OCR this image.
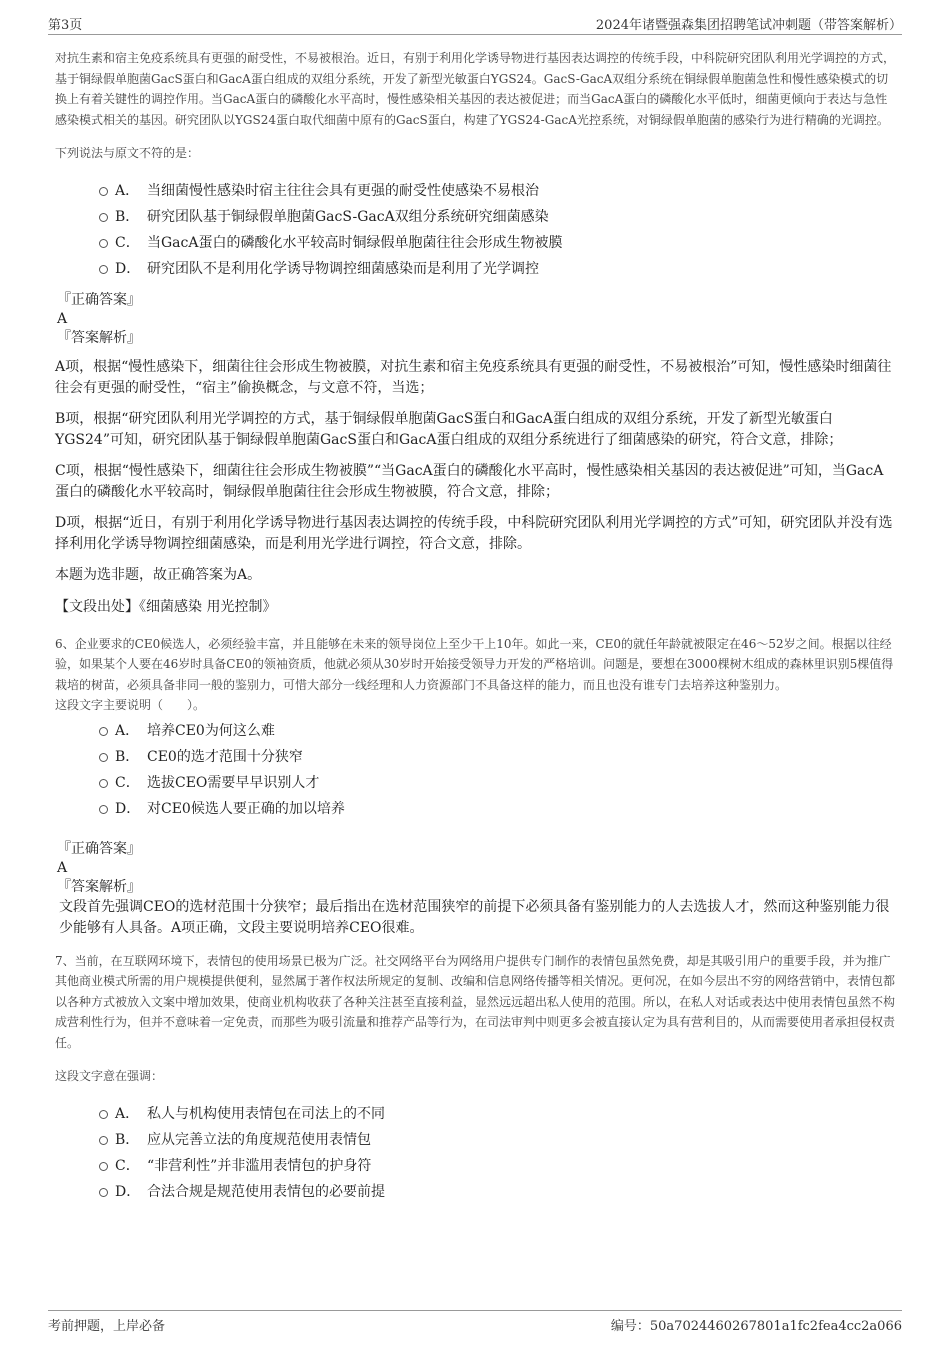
第3页	2024年诸暨强森集团招聘笔试冲刺题（带答案解析）

对抗生素和宿主免疫系统具有更强的耐受性，不易被根治。近日，有别于利用化学诱导物进行基因表达调控的传统手段，中科院研究团队利用光学调控的方式，基于铜绿假单胞菌GacS蛋白和GacA蛋白组成的双组分系统，开发了新型光敏蛋白YGS24。GacS-GacA双组分系统在铜绿假单胞菌急性和慢性感染模式的切换上有着关键性的调控作用。当GacA蛋白的磷酸化水平高时，慢性感染相关基因的表达被促进；而当GacA蛋白的磷酸化水平低时，细菌更倾向于表达与急性感染模式相关的基因。研究团队以YGS24蛋白取代细菌中原有的GacS蛋白，构建了YGS24-GacA光控系统，对铜绿假单胞菌的感染行为进行精确的光调控。

下列说法与原文不符的是：

A． 当细菌慢性感染时宿主往往会具有更强的耐受性使感染不易根治
B． 研究团队基于铜绿假单胞菌GacS-GacA双组分系统研究细菌感染
C． 当GacA蛋白的磷酸化水平较高时铜绿假单胞菌往往会形成生物被膜
D． 研究团队不是利用化学诱导物调控细菌感染而是利用了光学调控

『正确答案』

A

『答案解析』

A项，根据“慢性感染下，细菌往往会形成生物被膜，对抗生素和宿主免疫系统具有更强的耐受性，不易被根治”可知，慢性感染时细菌往往会有更强的耐受性，“宿主”偷换概念，与文意不符，当选；

B项，根据“研究团队利用光学调控的方式，基于铜绿假单胞菌GacS蛋白和GacA蛋白组成的双组分系统，开发了新型光敏蛋白YGS24”可知，研究团队基于铜绿假单胞菌GacS蛋白和GacA蛋白组成的双组分系统进行了细菌感染的研究，符合文意，排除；

C项，根据“慢性感染下，细菌往往会形成生物被膜”“当GacA蛋白的磷酸化水平高时，慢性感染相关基因的表达被促进”可知，当GacA蛋白的磷酸化水平较高时，铜绿假单胞菌往往会形成生物被膜，符合文意，排除；

D项，根据“近日，有别于利用化学诱导物进行基因表达调控的传统手段，中科院研究团队利用光学调控的方式”可知，研究团队并没有选择利用化学诱导物调控细菌感染，而是利用光学进行调控，符合文意，排除。

本题为选非题，故正确答案为A。

【文段出处】《细菌感染 用光控制》

6、企业要求的CE0候选人，必须经验丰富，并且能够在未来的领导岗位上至少干上10年。如此一来，CE0的就任年龄就被限定在46～52岁之间。根据以往经验，如果某个人要在46岁时具备CE0的领袖资质，他就必须从30岁时开始接受领导力开发的严格培训。问题是，要想在3000棵树木组成的森林里识别5棵值得栽培的树苗，必须具备非同一般的鉴别力，可惜大部分一线经理和人力资源部门不具备这样的能力，而且也没有谁专门去培养这种鉴别力。

这段文字主要说明（　　）。

A． 培养CE0为何这么难
B． CE0的选才范围十分狭窄
C． 选拔CEO需要早早识别人才
D． 对CE0候选人要正确的加以培养

『正确答案』

A

『答案解析』

文段首先强调CEO的选材范围十分狭窄；最后指出在选材范围狭窄的前提下必须具备有鉴别能力的人去选拔人才，然而这种鉴别能力很少能够有人具备。A项正确，文段主要说明培养CEO很难。

7、当前，在互联网环境下，表情包的使用场景已极为广泛。社交网络平台为网络用户提供专门制作的表情包虽然免费，却是其吸引用户的重要手段，并为推广其他商业模式所需的用户规模提供便利，显然属于著作权法所规定的复制、改编和信息网络传播等相关情况。更何况，在如今层出不穷的网络营销中，表情包都以各种方式被放入文案中增加效果，使商业机构收获了各种关注甚至直接利益，显然远远超出私人使用的范围。所以，在私人对话或表达中使用表情包虽然不构成营利性行为，但并不意味着一定免责，而那些为吸引流量和推荐产品等行为，在司法审判中则更多会被直接认定为具有营利目的，从而需要使用者承担侵权责任。

这段文字意在强调：

A． 私人与机构使用表情包在司法上的不同
B． 应从完善立法的角度规范使用表情包
C． “非营利性”并非滥用表情包的护身符
D． 合法合规是规范使用表情包的必要前提
考前押题，上岸必备	编号：50a7024460267801a1fc2fea4cc2a066
